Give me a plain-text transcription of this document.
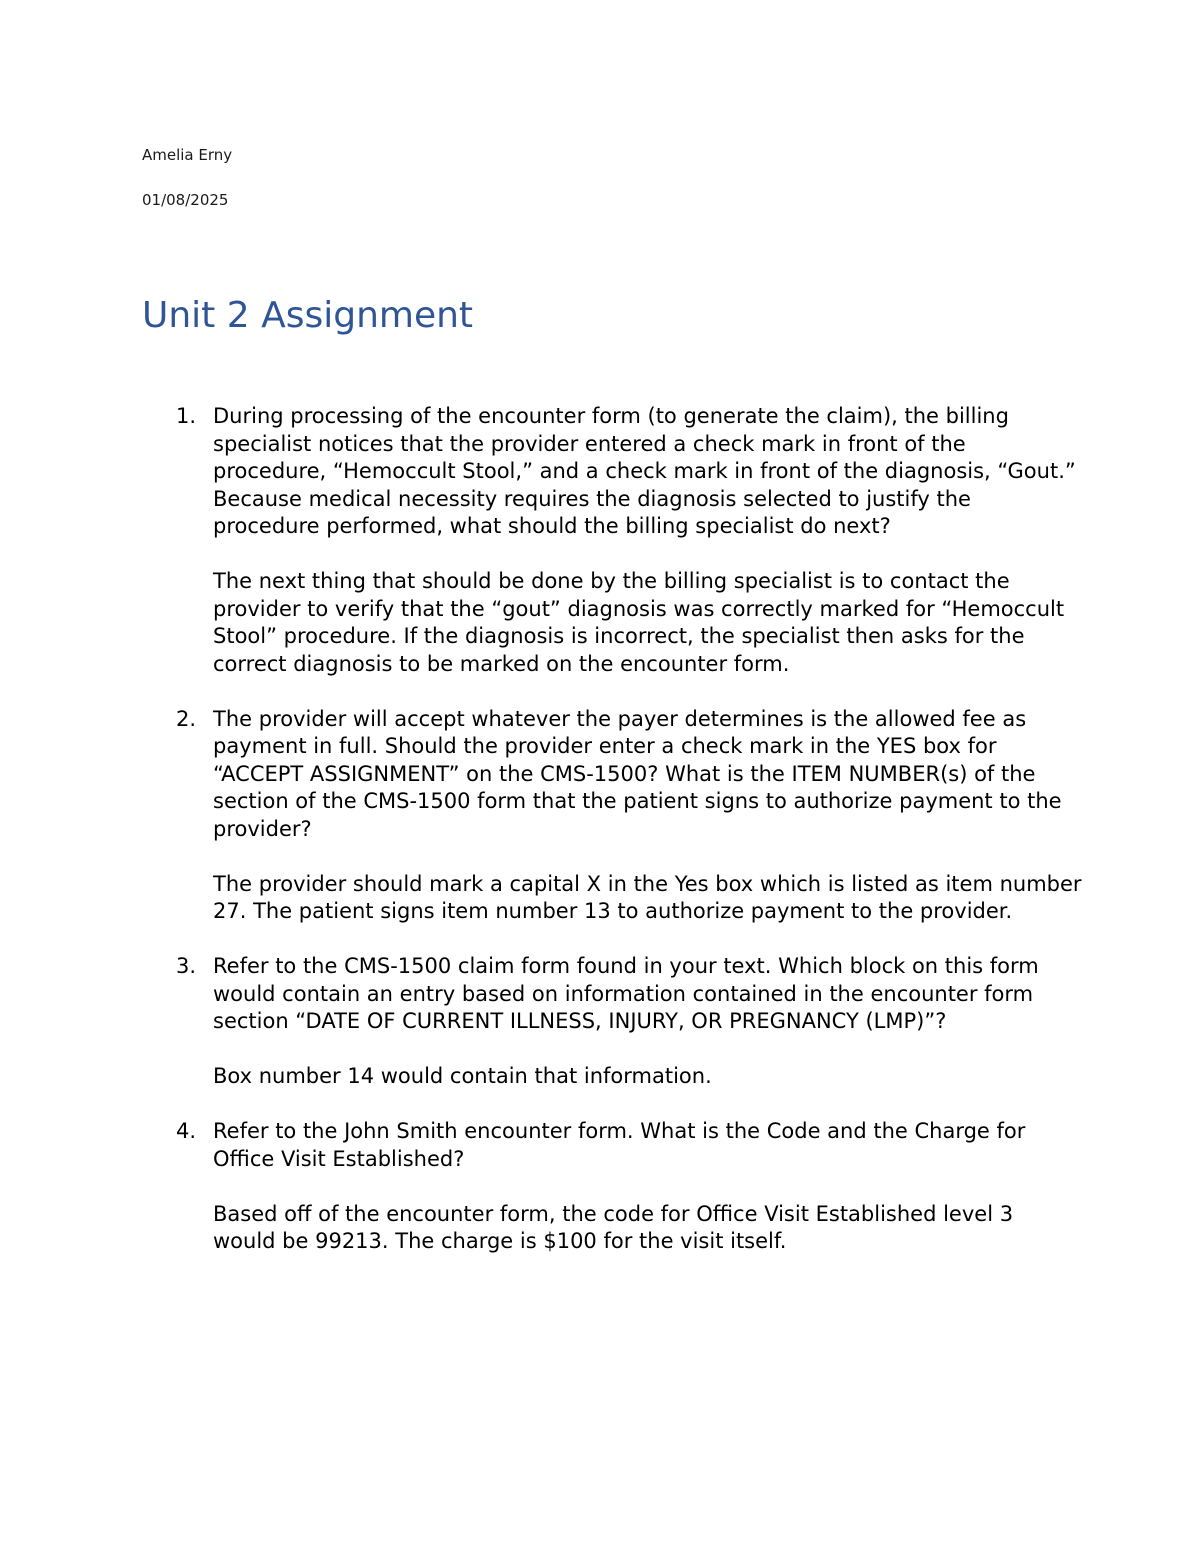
Amelia Erny
01/08/2025
Unit 2 Assignment
1. During processing of the encounter form (to generate the claim), the billing specialist notices that the provider entered a check mark in front of the procedure, “Hemoccult Stool,” and a check mark in front of the diagnosis, “Gout.” Because medical necessity requires the diagnosis selected to justify the procedure performed, what should the billing specialist do next?
The next thing that should be done by the billing specialist is to contact the provider to verify that the “gout” diagnosis was correctly marked for “Hemoccult Stool” procedure. If the diagnosis is incorrect, the specialist then asks for the correct diagnosis to be marked on the encounter form.
2. The provider will accept whatever the payer determines is the allowed fee as payment in full. Should the provider enter a check mark in the YES box for “ACCEPT ASSIGNMENT” on the CMS-1500? What is the ITEM NUMBER(s) of the section of the CMS-1500 form that the patient signs to authorize payment to the provider?
The provider should mark a capital X in the Yes box which is listed as item number 27. The patient signs item number 13 to authorize payment to the provider.
3. Refer to the CMS-1500 claim form found in your text. Which block on this form would contain an entry based on information contained in the encounter form section “DATE OF CURRENT ILLNESS, INJURY, OR PREGNANCY (LMP)”?
Box number 14 would contain that information.
4. Refer to the John Smith encounter form. What is the Code and the Charge for Office Visit Established?
Based off of the encounter form, the code for Office Visit Established level 3 would be 99213. The charge is $100 for the visit itself.
